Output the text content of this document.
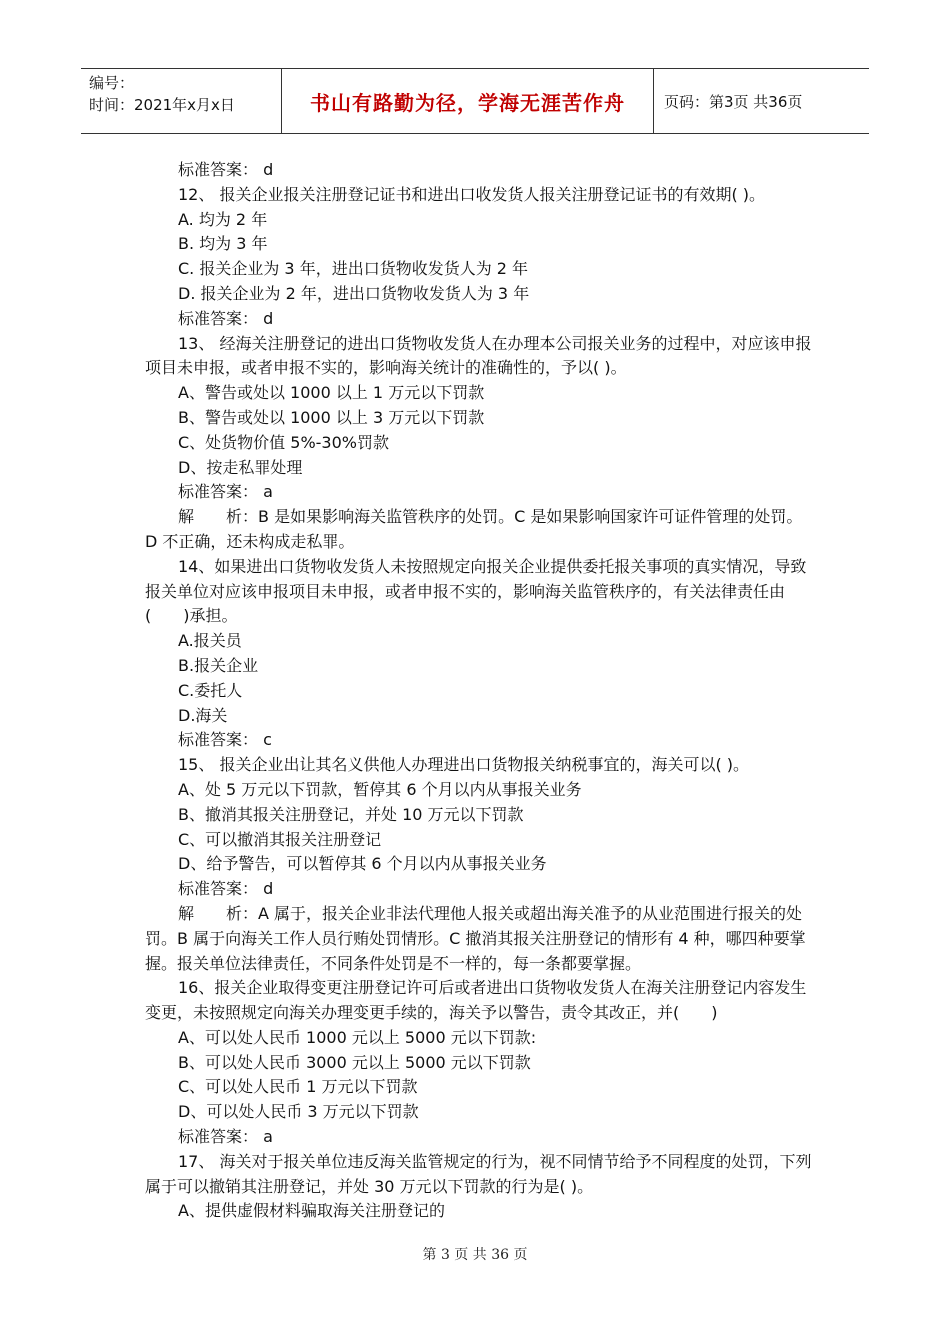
编号：
时间：2021年x月x日	书山有路勤为径，学海无涯苦作舟	页码：第3页 共36页

标准答案： d

12、 报关企业报关注册登记证书和进出口收发货人报关注册登记证书的有效期( )。

A. 均为 2 年

B. 均为 3 年

C. 报关企业为 3 年，进出口货物收发货人为 2 年

D. 报关企业为 2 年，进出口货物收发货人为 3 年

标准答案： d

13、 经海关注册登记的进出口货物收发货人在办理本公司报关业务的过程中，对应该申报项目未申报，或者申报不实的，影响海关统计的准确性的，予以( )。

A、警告或处以 1000 以上 1 万元以下罚款

B、警告或处以 1000 以上 3 万元以下罚款

C、处货物价值 5%-30%罚款

D、按走私罪处理

标准答案： a

解　　析：B 是如果影响海关监管秩序的处罚。C 是如果影响国家许可证件管理的处罚。D 不正确，还未构成走私罪。

14、如果进出口货物收发货人未按照规定向报关企业提供委托报关事项的真实情况，导致报关单位对应该申报项目未申报，或者申报不实的，影响海关监管秩序的，有关法律责任由(　　)承担。

A.报关员

B.报关企业

C.委托人

D.海关

标准答案： c

15、 报关企业出让其名义供他人办理进出口货物报关纳税事宜的，海关可以( )。

A、处 5 万元以下罚款，暂停其 6 个月以内从事报关业务

B、撤消其报关注册登记，并处 10 万元以下罚款

C、可以撤消其报关注册登记

D、给予警告，可以暂停其 6 个月以内从事报关业务

标准答案： d

解　　析：A 属于，报关企业非法代理他人报关或超出海关准予的从业范围进行报关的处罚。B 属于向海关工作人员行贿处罚情形。C 撤消其报关注册登记的情形有 4 种，哪四种要掌握。报关单位法律责任，不同条件处罚是不一样的，每一条都要掌握。

16、报关企业取得变更注册登记许可后或者进出口货物收发货人在海关注册登记内容发生变更，未按照规定向海关办理变更手续的，海关予以警告，责令其改正，并(　　)

A、可以处人民币 1000 元以上 5000 元以下罚款:

B、可以处人民币 3000 元以上 5000 元以下罚款

C、可以处人民币 1 万元以下罚款

D、可以处人民币 3 万元以下罚款

标准答案： a

17、 海关对于报关单位违反海关监管规定的行为，视不同情节给予不同程度的处罚，下列属于可以撤销其注册登记，并处 30 万元以下罚款的行为是( )。

A、提供虚假材料骗取海关注册登记的

第 3 页 共 36 页
